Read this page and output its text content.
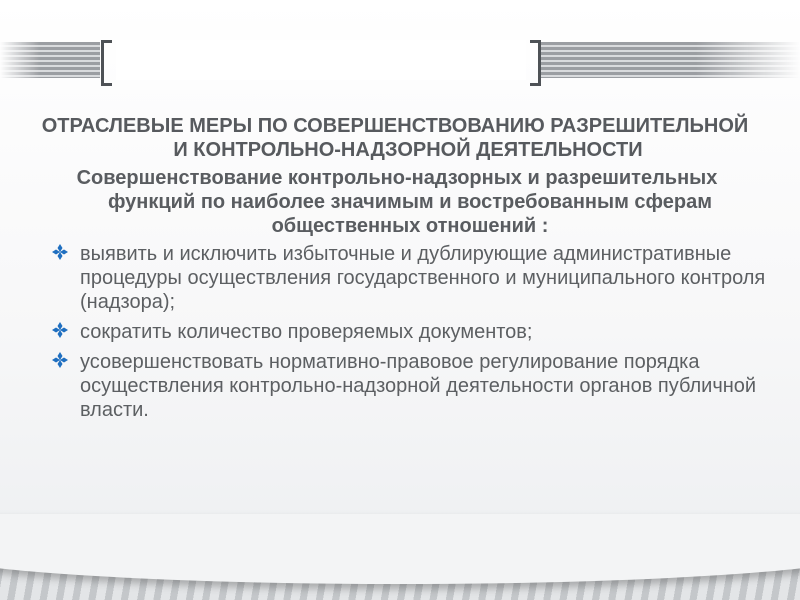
ОТРАСЛЕВЫЕ МЕРЫ ПО СОВЕРШЕНСТВОВАНИЮ РАЗРЕШИТЕЛЬНОЙ И КОНТРОЛЬНО-НАДЗОРНОЙ ДЕЯТЕЛЬНОСТИ

Совершенствование контрольно-надзорных и разрешительных функций по наиболее значимым и востребованным сферам общественных отношений :

выявить и исключить избыточные и дублирующие административные процедуры осуществления государственного и муниципального контроля (надзора);
сократить количество проверяемых документов;
усовершенствовать нормативно-правовое регулирование порядка осуществления контрольно-надзорной деятельности органов публичной власти.
